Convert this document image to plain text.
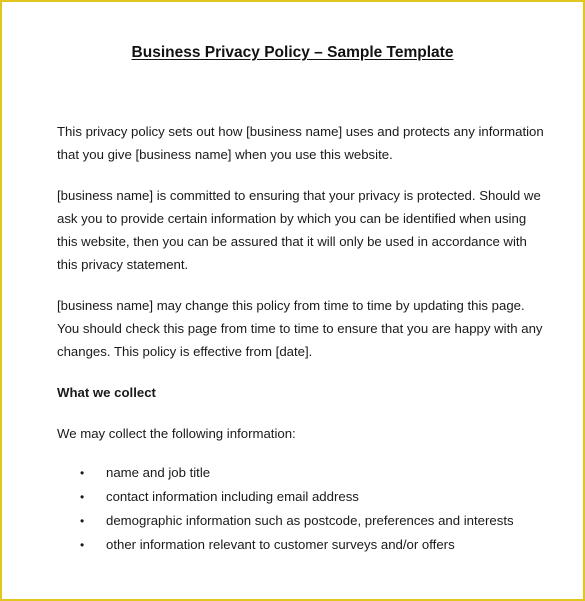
Business Privacy Policy – Sample Template

This privacy policy sets out how [business name] uses and protects any information that you give [business name] when you use this website.

[business name] is committed to ensuring that your privacy is protected. Should we ask you to provide certain information by which you can be identified when using this website, then you can be assured that it will only be used in accordance with this privacy statement.

[business name] may change this policy from time to time by updating this page. You should check this page from time to time to ensure that you are happy with any changes. This policy is effective from [date].

What we collect

We may collect the following information:

• name and job title
• contact information including email address
• demographic information such as postcode, preferences and interests
• other information relevant to customer surveys and/or offers
